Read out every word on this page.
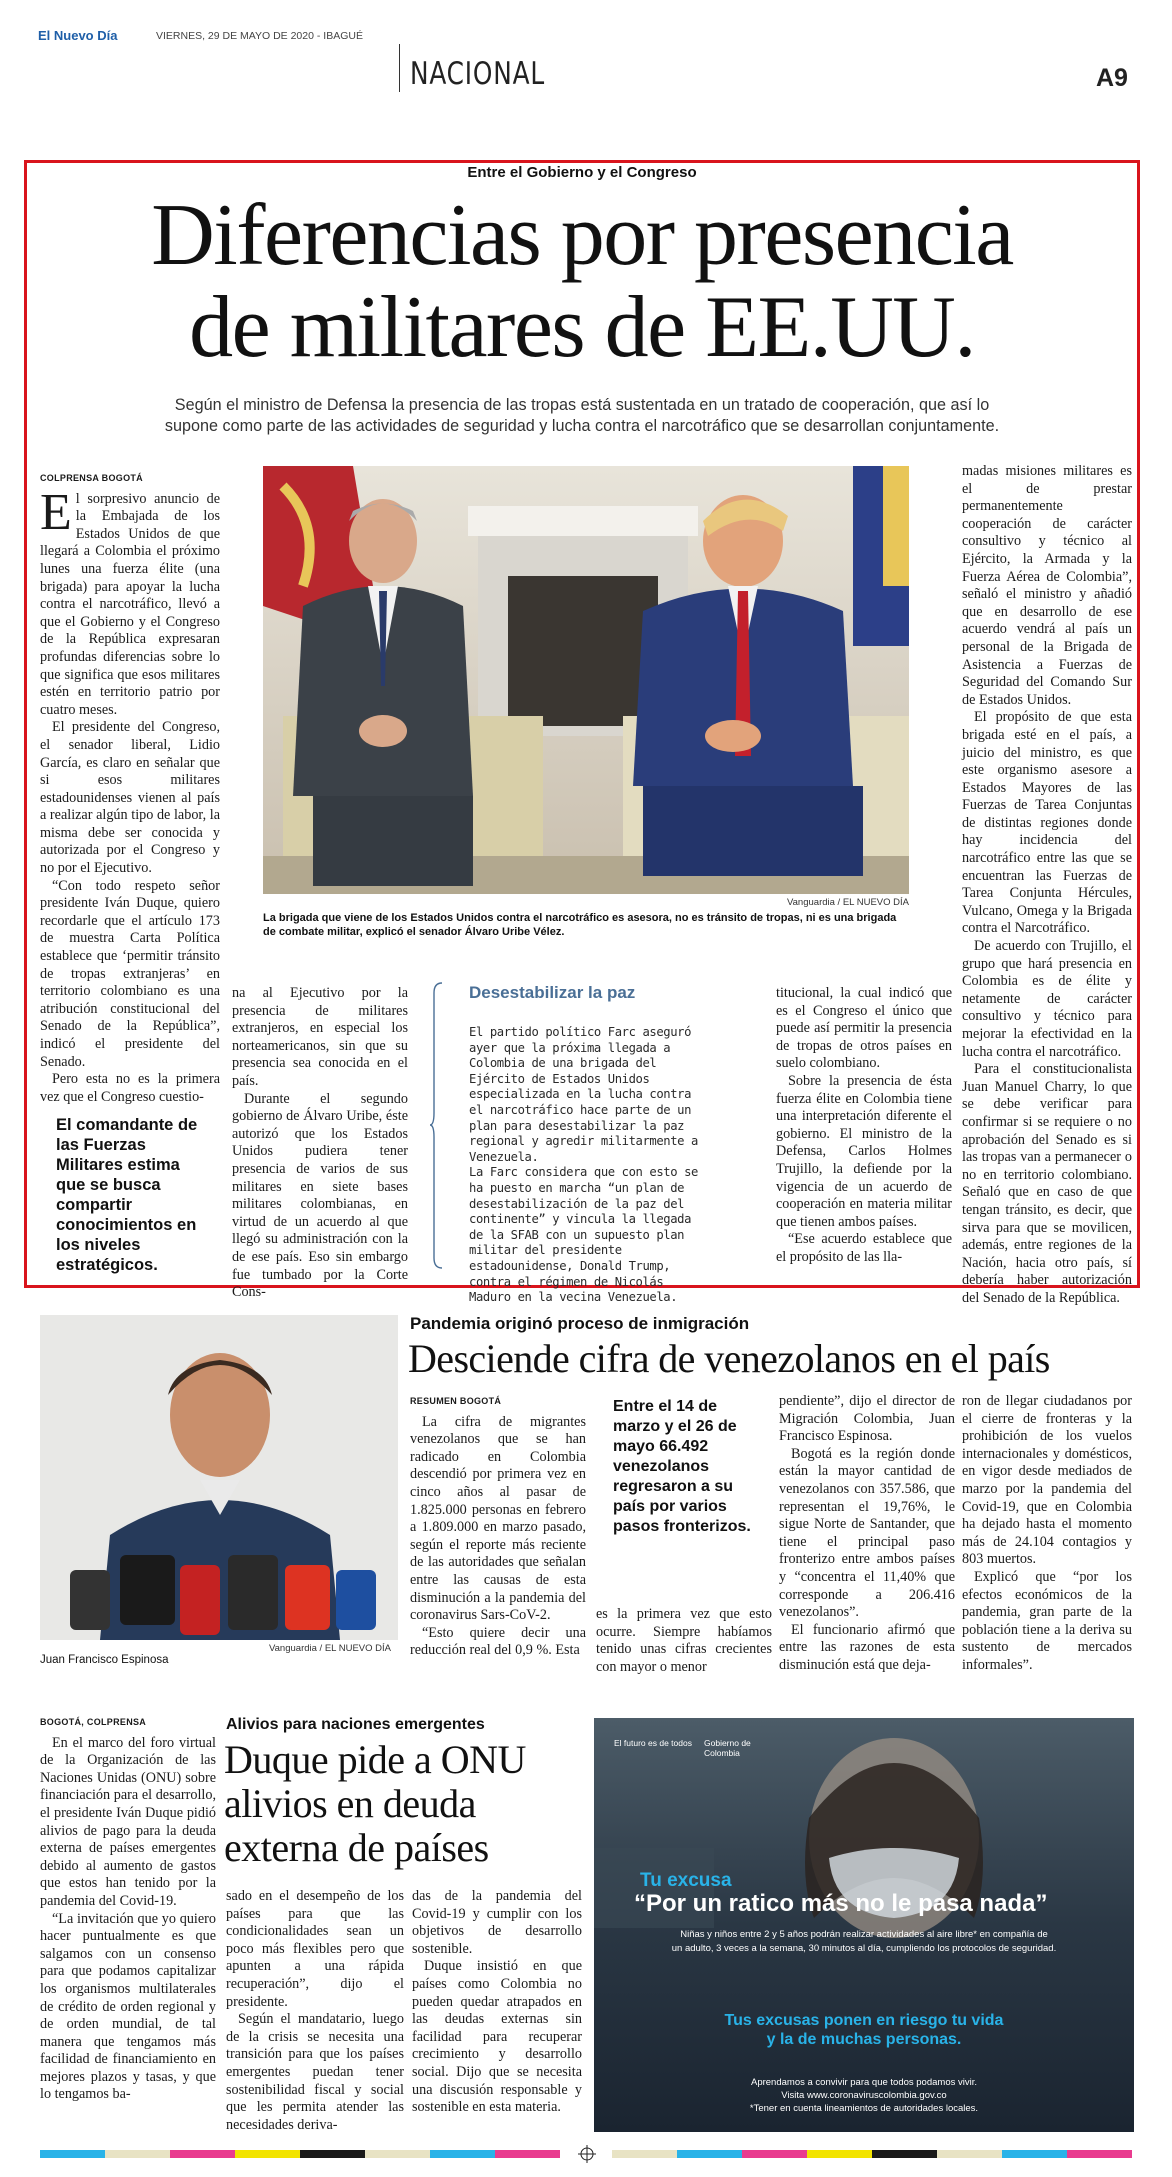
El Nuevo Día	VIERNES, 29 DE MAYO DE 2020 - IBAGUÉ
NACIONAL	A9
Entre el Gobierno y el Congreso
Diferencias por presencia
de militares de EE.UU.
Según el ministro de Defensa la presencia de las tropas está sustentada en un tratado de cooperación, que así lo
supone como parte de las actividades de seguridad y lucha contra el narcotráfico que se desarrollan conjuntamente.
COLPRENSA BOGOTÁ

El sorpresivo anuncio de la Embajada de los Estados Unidos de que llegará a Colombia el próximo lunes una fuerza élite (una brigada) para apoyar la lucha contra el narcotráfico, llevó a que el Gobierno y el Congreso de la República expresaran profundas diferencias sobre lo que significa que esos militares estén en territorio patrio por cuatro meses.

El presidente del Congreso, el senador liberal, Lidio García, es claro en señalar que si esos militares estadounidenses vienen al país a realizar algún tipo de labor, la misma debe ser conocida y autorizada por el Congreso y no por el Ejecutivo.

“Con todo respeto señor presidente Iván Duque, quiero recordarle que el artículo 173 de muestra Carta Política establece que ‘permitir tránsito de tropas extranjeras’ en territorio colombiano es una atribución constitucional del Senado de la República”, indicó el presidente del Senado.

Pero esta no es la primera vez que el Congreso cuestio-

El comandante de las Fuerzas Militares estima que se busca compartir conocimientos en los niveles estratégicos.
Vanguardia / EL NUEVO DÍA
La brigada que viene de los Estados Unidos contra el narcotráfico es asesora, no es tránsito de tropas, ni es una brigada de combate militar, explicó el senador Álvaro Uribe Vélez.

na al Ejecutivo por la presencia de militares extranjeros, en especial los norteamericanos, sin que su presencia sea conocida en el país.

Durante el segundo gobierno de Álvaro Uribe, éste autorizó que los Estados Unidos pudiera tener presencia de varios de sus militares en siete bases militares colombianas, en virtud de un acuerdo al que llegó su administración con la de ese país. Eso sin embargo fue tumbado por la Corte Cons-

Desestabilizar la paz

El partido político Farc aseguró ayer que la próxima llegada a Colombia de una brigada del Ejército de Estados Unidos especializada en la lucha contra el narcotráfico hace parte de un plan para desestabilizar la paz regional y agredir militarmente a Venezuela.

La Farc considera que con esto se ha puesto en marcha “un plan de desestabilización de la paz del continente” y vincula la llegada de la SFAB con un supuesto plan militar del presidente estadounidense, Donald Trump, contra el régimen de Nicolás Maduro en la vecina Venezuela.

titucional, la cual indicó que es el Congreso el único que puede así permitir la presencia de tropas de otros países en suelo colombiano.

Sobre la presencia de ésta fuerza élite en Colombia tiene una interpretación diferente el gobierno. El ministro de la Defensa, Carlos Holmes Trujillo, la defiende por la vigencia de un acuerdo de cooperación en materia militar que tienen ambos países.

“Ese acuerdo establece que el propósito de las lla-

madas misiones militares es el de prestar permanentemente cooperación de carácter consultivo y técnico al Ejército, la Armada y la Fuerza Aérea de Colombia”, señaló el ministro y añadió que en desarrollo de ese acuerdo vendrá al país un personal de la Brigada de Asistencia a Fuerzas de Seguridad del Comando Sur de Estados Unidos.

El propósito de que esta brigada esté en el país, a juicio del ministro, es que este organismo asesore a Estados Mayores de las Fuerzas de Tarea Conjuntas de distintas regiones donde hay incidencia del narcotráfico entre las que se encuentran las Fuerzas de Tarea Conjunta Hércules, Vulcano, Omega y la Brigada contra el Narcotráfico.

De acuerdo con Trujillo, el grupo que hará presencia en Colombia es de élite y netamente de carácter consultivo y técnico para mejorar la efectividad en la lucha contra el narcotráfico.

Para el constitucionalista Juan Manuel Charry, lo que se debe verificar para confirmar si se requiere o no aprobación del Senado es si las tropas van a permanecer o no en territorio colombiano. Señaló que en caso de que tengan tránsito, es decir, que sirva para que se movilicen, además, entre regiones de la Nación, hacia otro país, sí debería haber autorización del Senado de la República.

Vanguardia / EL NUEVO DÍA
Juan Francisco Espinosa
Pandemia originó proceso de inmigración
Desciende cifra de venezolanos en el país
RESUMEN BOGOTÁ

La cifra de migrantes venezolanos que se han radicado en Colombia descendió por primera vez en cinco años al pasar de 1.825.000 personas en febrero a 1.809.000 en marzo pasado, según el reporte más reciente de las autoridades que señalan entre las causas de esta disminución a la pandemia del coronavirus Sars-CoV-2.

“Esto quiere decir una reducción real del 0,9 %. Esta

Entre el 14 de marzo y el 26 de mayo 66.492 venezolanos regresaron a su país por varios pasos fronterizos.

es la primera vez que esto ocurre. Siempre habíamos tenido unas cifras crecientes con mayor o menor

pendiente”, dijo el director de Migración Colombia, Juan Francisco Espinosa.

Bogotá es la región donde están la mayor cantidad de venezolanos con 357.586, que representan el 19,76%, le sigue Norte de Santander, que tiene el principal paso fronterizo entre ambos países y “concentra el 11,40% que corresponde a 206.416 venezolanos”.

El funcionario afirmó que entre las razones de esta disminución está que deja-

ron de llegar ciudadanos por el cierre de fronteras y la prohibición de los vuelos internacionales y domésticos, en vigor desde mediados de marzo por la pandemia del Covid-19, que en Colombia ha dejado hasta el momento más de 24.104 contagios y 803 muertos.

Explicó que “por los efectos económicos de la pandemia, gran parte de la población tiene a la deriva su sustento de mercados informales”.

BOGOTÁ, COLPRENSA

En el marco del foro virtual de la Organización de las Naciones Unidas (ONU) sobre financiación para el desarrollo, el presidente Iván Duque pidió alivios de pago para la deuda externa de países emergentes debido al aumento de gastos que estos han tenido por la pandemia del Covid-19.

“La invitación que yo quiero hacer puntualmente es que salgamos con un consenso para que podamos capitalizar los organismos multilaterales de crédito de orden regional y de orden mundial, de tal manera que tengamos más facilidad de financiamiento en mejores plazos y tasas, y que lo tengamos ba-

Alivios para naciones emergentes
Duque pide a ONU
alivios en deuda
externa de países

sado en el desempeño de los países para que las condicionalidades sean un poco más flexibles pero que apunten a una rápida recuperación”, dijo el presidente.

Según el mandatario, luego de la crisis se necesita una transición para que los países emergentes puedan tener sostenibilidad fiscal y social que les permita atender las necesidades deriva-

das de la pandemia del Covid-19 y cumplir con los objetivos de desarrollo sostenible.

Duque insistió en que países como Colombia no pueden quedar atrapados en las deudas externas sin facilidad para recuperar crecimiento y desarrollo social. Dijo que se necesita una discusión responsable y sostenible en esta materia.

El futuro es de todos Gobierno de Colombia
Tu excusa
“Por un ratico más no le pasa nada”
Niñas y niños entre 2 y 5 años podrán realizar actividades al aire libre* en compañía de
un adulto, 3 veces a la semana, 30 minutos al día, cumpliendo los protocolos de seguridad.
Tus excusas ponen en riesgo tu vida
y la de muchas personas.
Aprendamos a convivir para que todos podamos vivir.
Visita www.coronaviruscolombia.gov.co
*Tener en cuenta lineamientos de autoridades locales.
